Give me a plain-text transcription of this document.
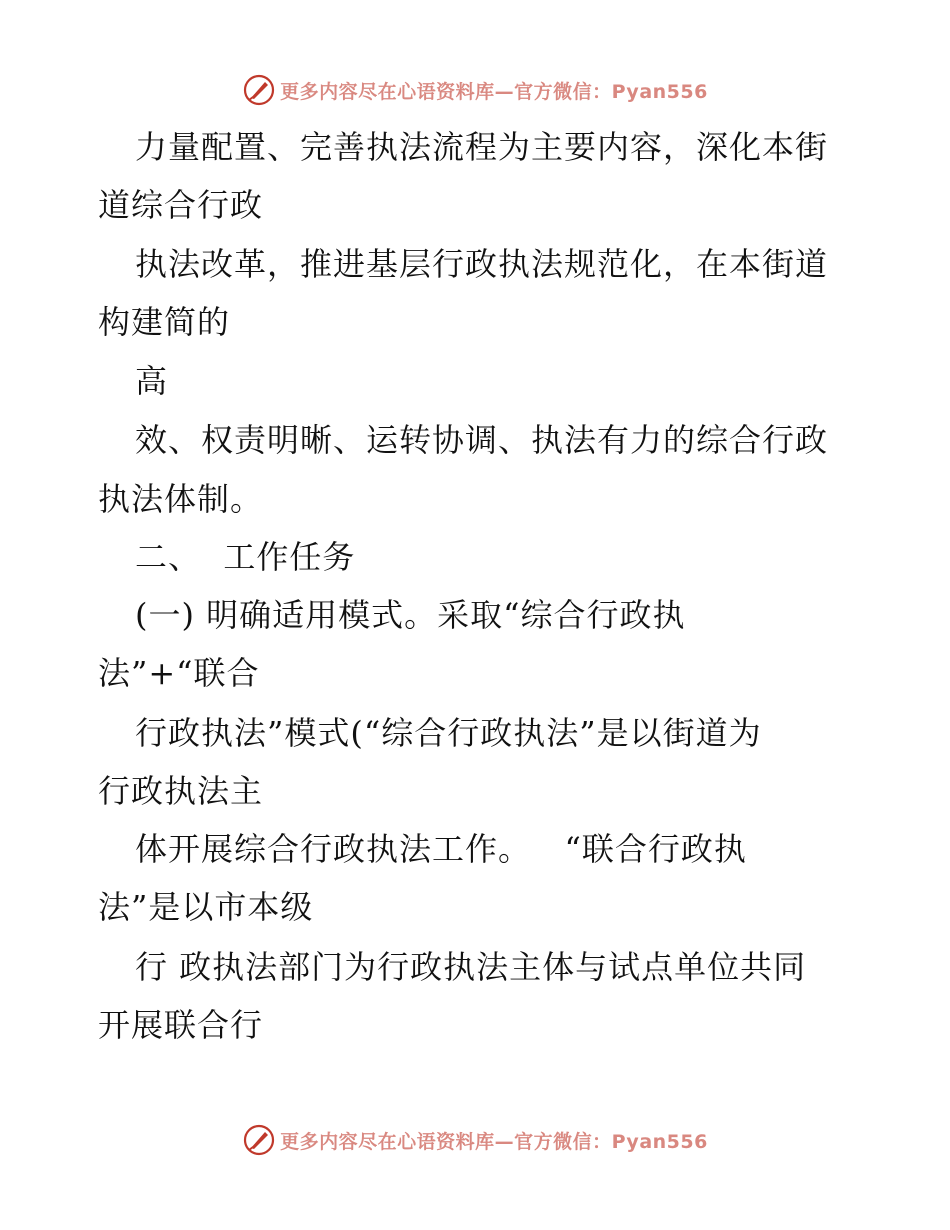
更多内容尽在心语资料库—官方微信：Pyan556
力量配置、完善执法流程为主要内容，深化本街
道综合行政
执法改革，推进基层行政执法规范化，在本街道
构建简的
高
效、权责明晰、运转协调、执法有力的综合行政
执法体制。
二、  工作任务
(一) 明确适用模式。采取“综合行政执
法”+“联合
行政执法”模式(“综合行政执法”是以街道为
行政执法主
体开展综合行政执法工作。   “联合行政执
法”是以市本级
行 政执法部门为行政执法主体与试点单位共同
开展联合行
更多内容尽在心语资料库—官方微信：Pyan556
